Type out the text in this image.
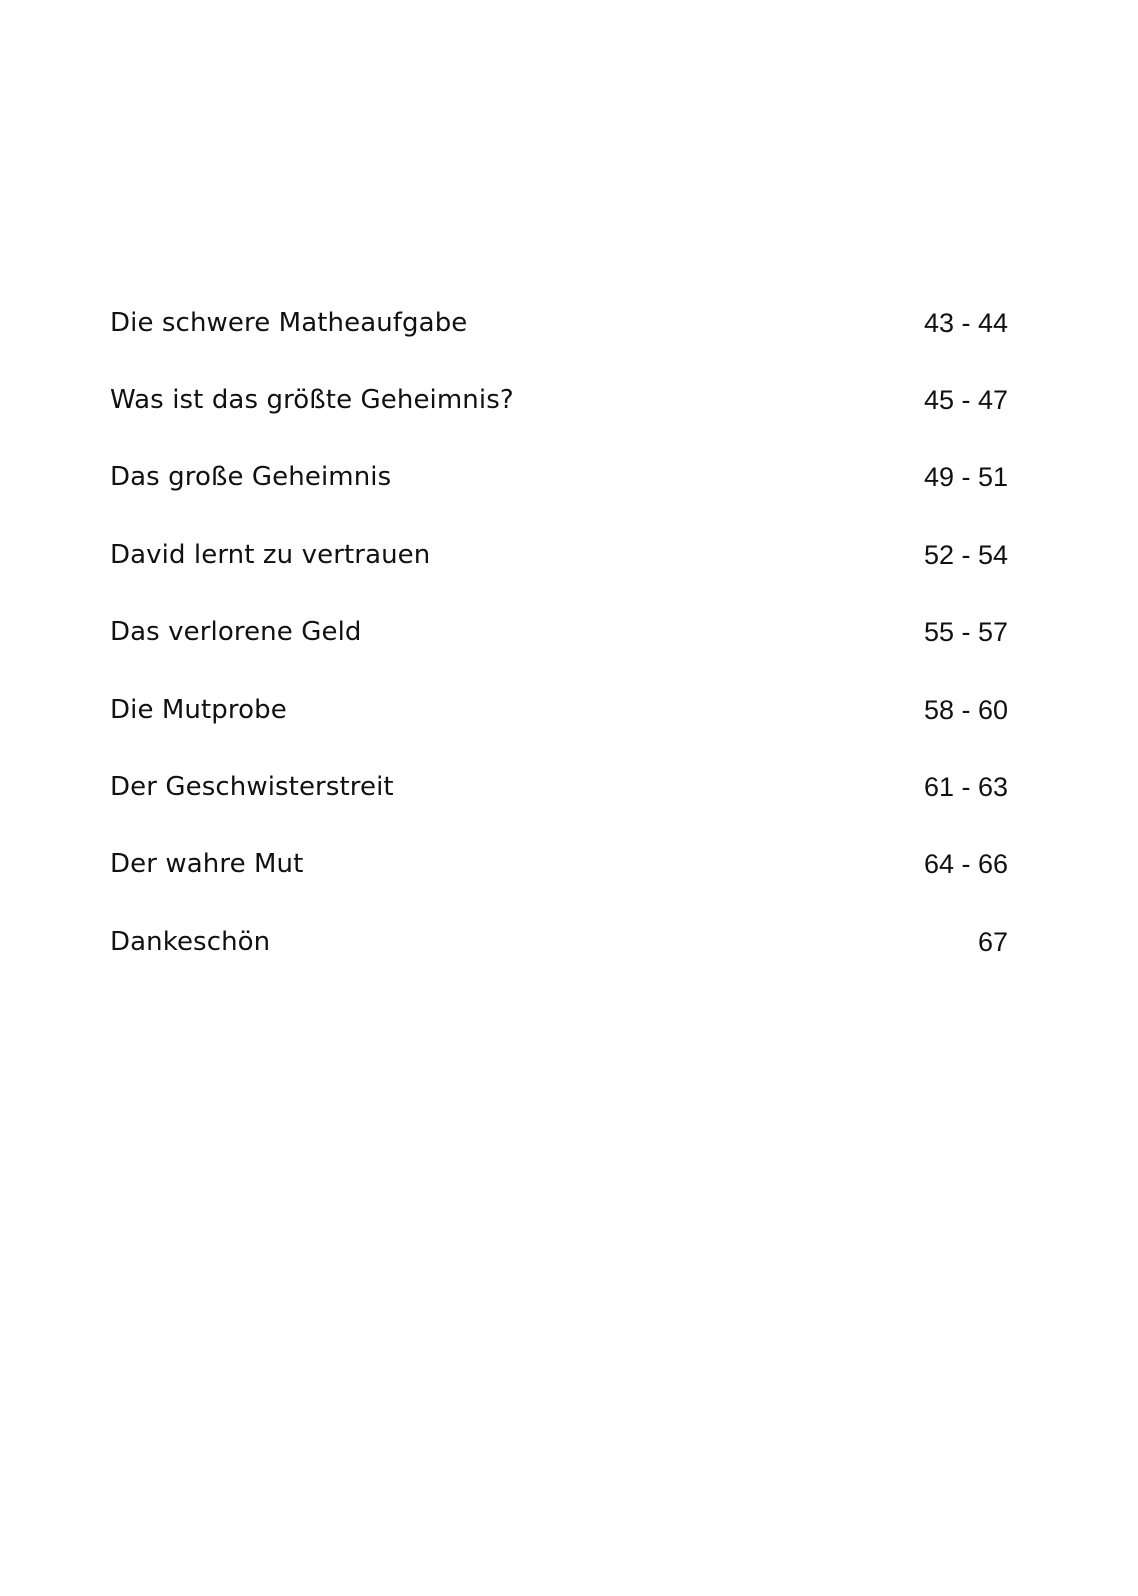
Die schwere Matheaufgabe	43 - 44
Was ist das größte Geheimnis?	45 - 47
Das große Geheimnis	49 - 51
David lernt zu vertrauen	52 - 54
Das verlorene Geld	55 - 57
Die Mutprobe	58 - 60
Der Geschwisterstreit	61 - 63
Der wahre Mut	64 - 66
Dankeschön	67
